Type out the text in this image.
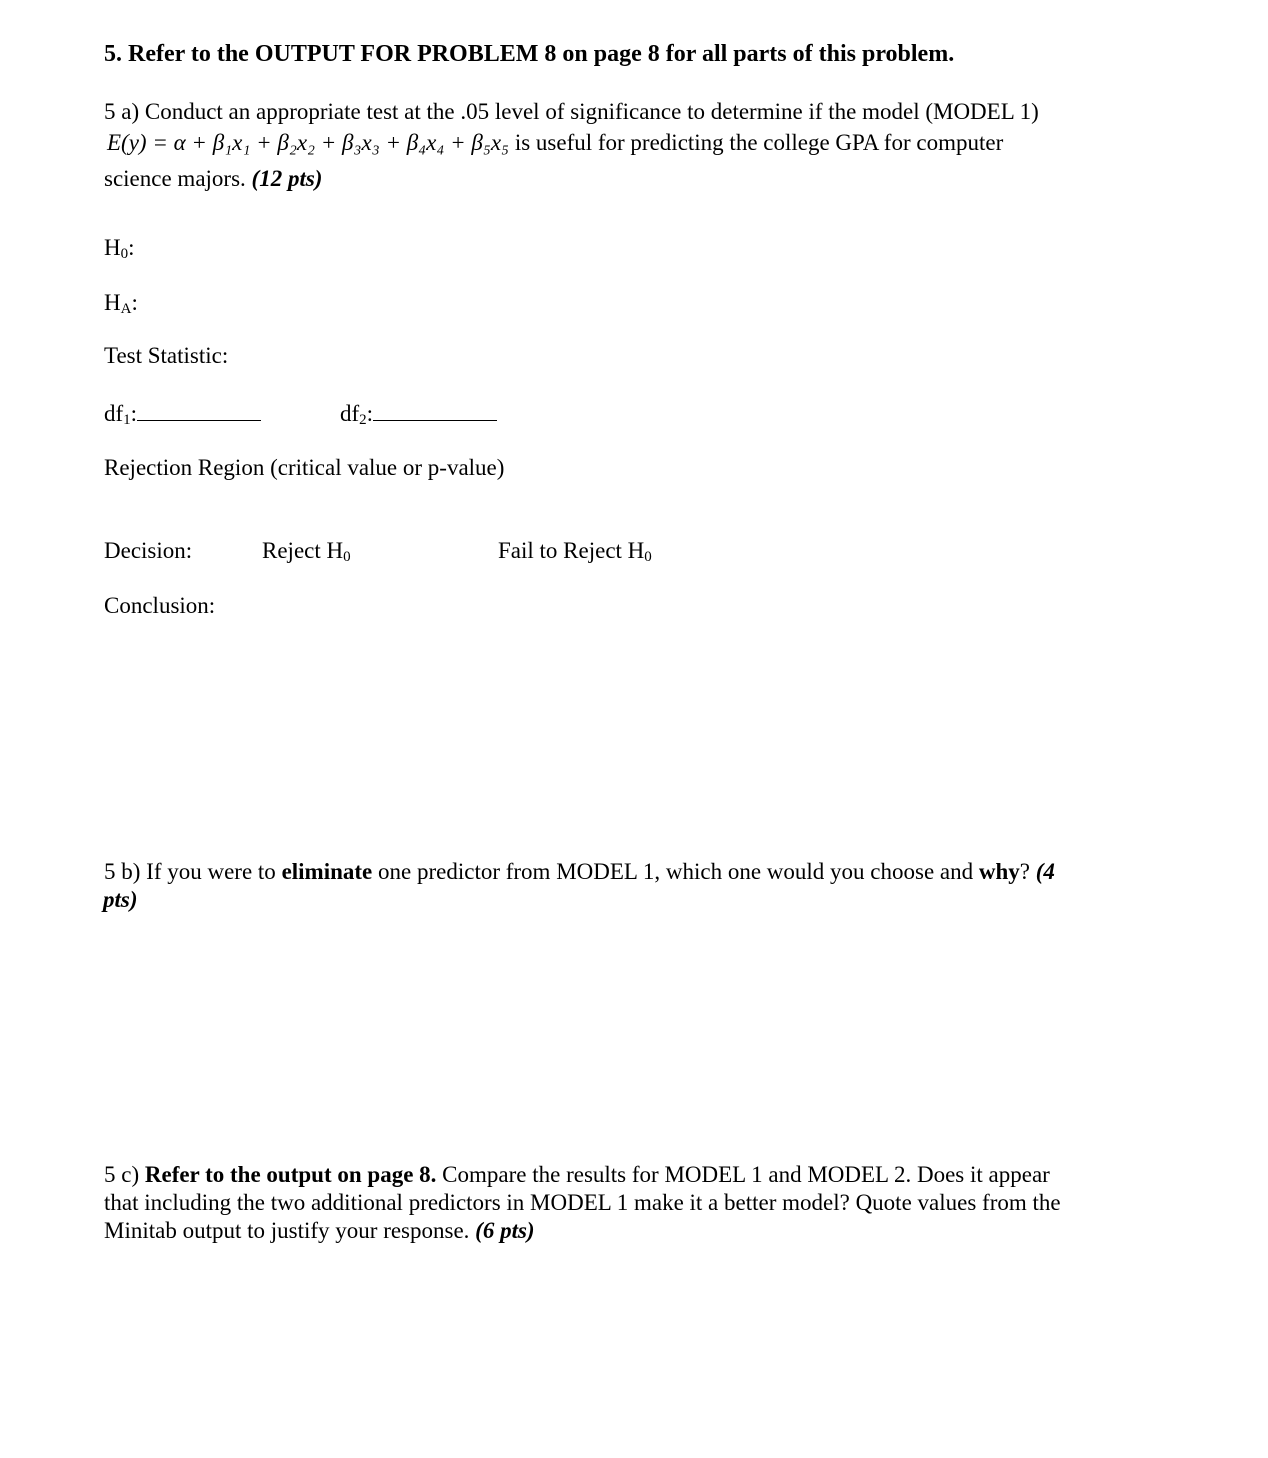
5. Refer to the OUTPUT FOR PROBLEM 8 on page 8 for all parts of this problem.
5 a) Conduct an appropriate test at the .05 level of significance to determine if the model (MODEL 1)
E(y) = α + β₁x₁ + β₂x₂ + β₃x₃ + β₄x₄ + β₅x₅ is useful for predicting the college GPA for computer
science majors. (12 pts)
H0:
HA:
Test Statistic:
df1:	df2:
Rejection Region (critical value or p-value)
Decision:	Reject H0	Fail to Reject H0
Conclusion:
5 b) If you were to eliminate one predictor from MODEL 1, which one would you choose and why? (4
pts)
5 c) Refer to the output on page 8. Compare the results for MODEL 1 and MODEL 2. Does it appear
that including the two additional predictors in MODEL 1 make it a better model? Quote values from the
Minitab output to justify your response. (6 pts)
